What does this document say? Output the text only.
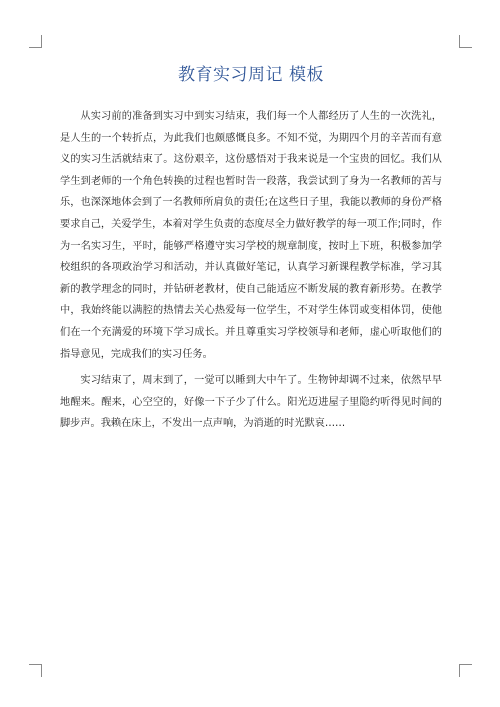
教育实习周记 模板

从实习前的准备到实习中到实习结束，我们每一个人都经历了人生的一次洗礼，是人生的一个转折点，为此我们也颇感慨良多。不知不觉，为期四个月的辛苦而有意义的实习生活就结束了。这份艰辛，这份感悟对于我来说是一个宝贵的回忆。我们从学生到老师的一个角色转换的过程也暂时告一段落，我尝试到了身为一名教师的苦与乐，也深深地体会到了一名教师所肩负的责任;在这些日子里，我能以教师的身份严格要求自己，关爱学生，本着对学生负责的态度尽全力做好教学的每一项工作;同时，作为一名实习生，平时，能够严格遵守实习学校的规章制度，按时上下班，积极参加学校组织的各项政治学习和活动，并认真做好笔记，认真学习新课程教学标准，学习其新的教学理念的同时，并钻研老教材，使自己能适应不断发展的教育新形势。在教学中，我始终能以满腔的热情去关心热爱每一位学生，不对学生体罚或变相体罚，使他们在一个充满爱的环境下学习成长。并且尊重实习学校领导和老师，虚心听取他们的指导意见，完成我们的实习任务。

实习结束了，周末到了，一觉可以睡到大中午了。生物钟却调不过来，依然早早地醒来。醒来，心空空的，好像一下子少了什么。阳光迈进屋子里隐约听得见时间的脚步声。我赖在床上，不发出一点声响，为消逝的时光默哀……
